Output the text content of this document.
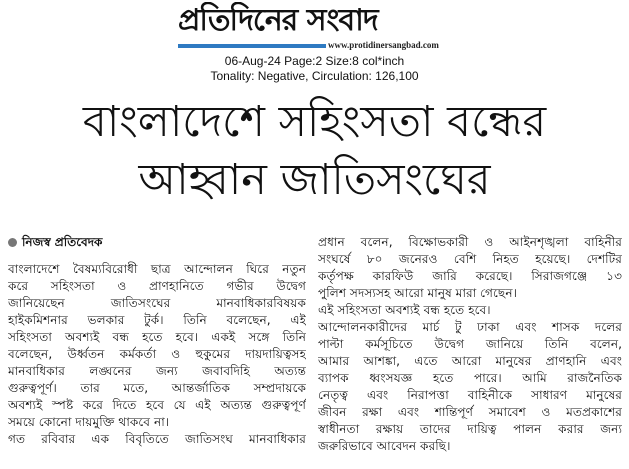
প্রতিদিনের সংবাদ
www.protidinersangbad.com
06-Aug-24 Page:2 Size:8 col*inch
Tonality: Negative, Circulation: 126,100
বাংলাদেশে সহিংসতা বন্ধের
আহ্বান জাতিসংঘের
নিজস্ব প্রতিবেদক
বাংলাদেশে বৈষম্যবিরোধী ছাত্র আন্দোলন ঘিরে নতুন
করে সহিংসতা ও প্রাণহানিতে গভীর উদ্বেগ
জানিয়েছেন জাতিসংঘের মানবাধিকারবিষয়ক
হাইকমিশনার ভলকার টুর্ক। তিনি বলেছেন, এই
সহিংসতা অবশ্যই বন্ধ হতে হবে। একই সঙ্গে তিনি
বলেছেন, উর্ধ্বতন কর্মকর্তা ও হুকুমের দায়দায়িত্বসহ
মানবাধিকার লঙ্ঘনের জন্য জবাবদিহি অত্যন্ত
গুরুত্বপূর্ণ। তার মতে, আন্তর্জাতিক সম্প্রদায়কে
অবশ্যই স্পষ্ট করে দিতে হবে যে এই অত্যন্ত গুরুত্বপূর্ণ
সময়ে কোনো দায়মুক্তি থাকবে না।
গত রবিবার এক বিবৃতিতে জাতিসংঘ মানবাধিকার
প্রধান বলেন, বিক্ষোভকারী ও আইনশৃঙ্খলা বাহিনীর
সংঘর্ষে ৮০ জনেরও বেশি নিহত হয়েছে। দেশটির
কর্তৃপক্ষ কারফিউ জারি করেছে। সিরাজগঞ্জে ১৩
পুলিশ সদস্যসহ আরো মানুষ মারা গেছেন।
এই সহিংসতা অবশ্যই বন্ধ হতে হবে।
আন্দোলনকারীদের মার্চ টু ঢাকা এবং শাসক দলের
পাল্টা কর্মসূচিতে উদ্বেগ জানিয়ে তিনি বলেন,
আমার আশঙ্কা, এতে আরো মানুষের প্রাণহানি এবং
ব্যাপক ধ্বংসযজ্ঞ হতে পারে। আমি রাজনৈতিক
নেতৃত্ব এবং নিরাপত্তা বাহিনীকে সাধারণ মানুষের
জীবন রক্ষা এবং শান্তিপূর্ণ সমাবেশ ও মতপ্রকাশের
স্বাধীনতা রক্ষায় তাদের দায়িত্ব পালন করার জন্য
জরুরিভাবে আবেদন করছি।
